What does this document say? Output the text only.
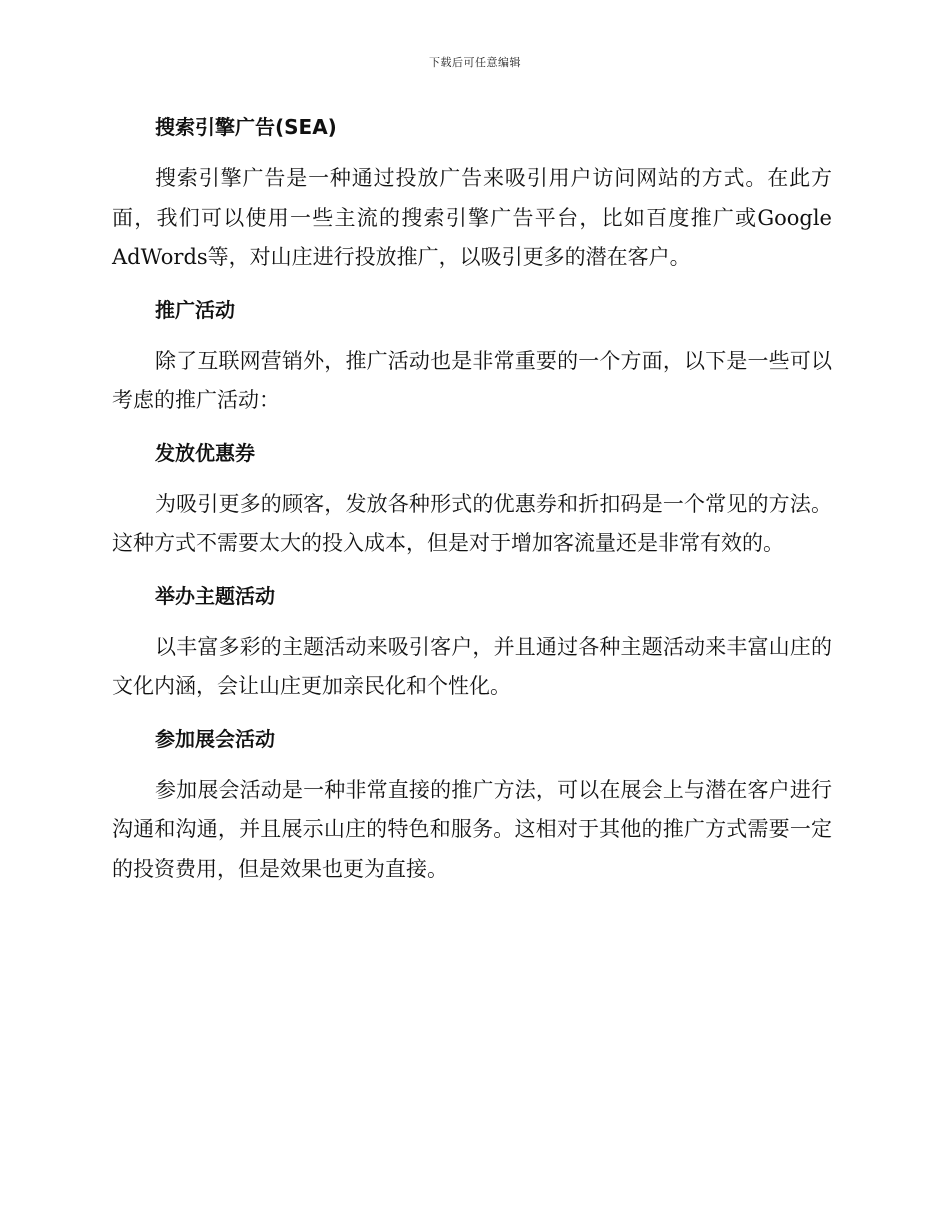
下载后可任意编辑
搜索引擎广告(SEA)

搜索引擎广告是一种通过投放广告来吸引用户访问网站的方式。在此方面，我们可以使用一些主流的搜索引擎广告平台，比如百度推广或Google AdWords等，对山庄进行投放推广，以吸引更多的潜在客户。

推广活动

除了互联网营销外，推广活动也是非常重要的一个方面，以下是一些可以考虑的推广活动：

发放优惠券

为吸引更多的顾客，发放各种形式的优惠券和折扣码是一个常见的方法。这种方式不需要太大的投入成本，但是对于增加客流量还是非常有效的。

举办主题活动

以丰富多彩的主题活动来吸引客户，并且通过各种主题活动来丰富山庄的文化内涵，会让山庄更加亲民化和个性化。

参加展会活动

参加展会活动是一种非常直接的推广方法，可以在展会上与潜在客户进行沟通和沟通，并且展示山庄的特色和服务。这相对于其他的推广方式需要一定的投资费用，但是效果也更为直接。
